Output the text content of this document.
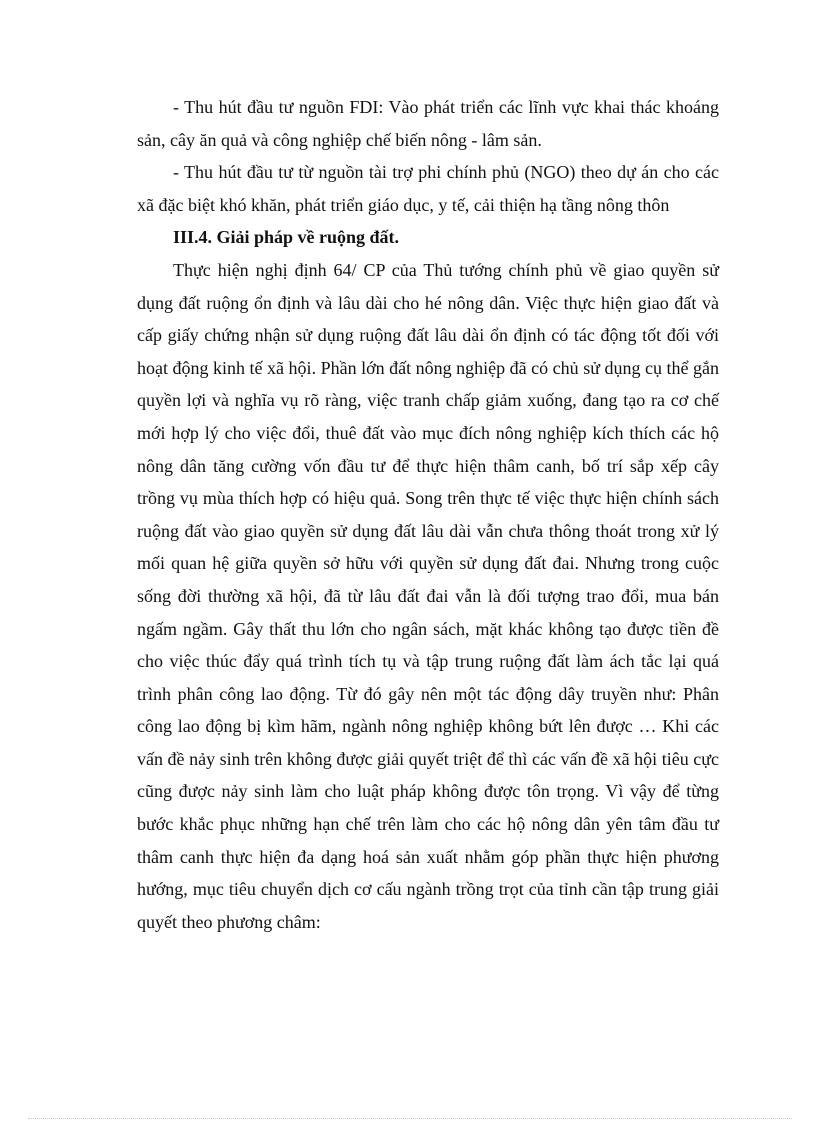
- Thu hút đầu tư nguồn FDI: Vào phát triển các lĩnh vực khai thác khoáng sản, cây ăn quả và công nghiệp chế biến nông - lâm sản.

- Thu hút đầu tư từ nguồn tài trợ phi chính phủ (NGO) theo dự án cho các xã đặc biệt khó khăn, phát triển giáo dục, y tế, cải thiện hạ tầng nông thôn

III.4. Giải pháp về ruộng đất.

Thực hiện nghị định 64/ CP của Thủ tướng chính phủ về giao quyền sử dụng đất ruộng ổn định và lâu dài cho hé nông dân. Việc thực hiện giao đất và cấp giấy chứng nhận sử dụng ruộng đất lâu dài ổn định có tác động tốt đối với hoạt động kinh tế xã hội. Phần lớn đất nông nghiệp đã có chủ sử dụng cụ thể gắn quyền lợi và nghĩa vụ rõ ràng, việc tranh chấp giảm xuống, đang tạo ra cơ chế mới hợp lý cho việc đổi, thuê đất vào mục đích nông nghiệp kích thích các hộ nông dân tăng cường vốn đầu tư để thực hiện thâm canh, bố trí sắp xếp cây trồng vụ mùa thích hợp có hiệu quả. Song trên thực tế việc thực hiện chính sách ruộng đất vào giao quyền sử dụng đất lâu dài vẫn chưa thông thoát trong xử lý mối quan hệ giữa quyền sở hữu với quyền sử dụng đất đai. Nhưng trong cuộc sống đời thường xã hội, đã từ lâu đất đai vẫn là đối tượng trao đổi, mua bán ngấm ngầm. Gây thất thu lớn cho ngân sách, mặt khác không tạo được tiền đề cho việc thúc đẩy quá trình tích tụ và tập trung ruộng đất làm ách tắc lại quá trình phân công lao động. Từ đó gây nên một tác động dây truyền như: Phân công lao động bị kìm hãm, ngành nông nghiệp không bứt lên được … Khi các vấn đề nảy sinh trên không được giải quyết triệt để thì các vấn đề xã hội tiêu cực cũng được nảy sinh làm cho luật pháp không được tôn trọng. Vì vậy để từng bước khắc phục những hạn chế trên làm cho các hộ nông dân yên tâm đầu tư thâm canh thực hiện đa dạng hoá sản xuất nhằm góp phần thực hiện phương hướng, mục tiêu chuyển dịch cơ cấu ngành trồng trọt của tỉnh cần tập trung giải quyết theo phương châm:
